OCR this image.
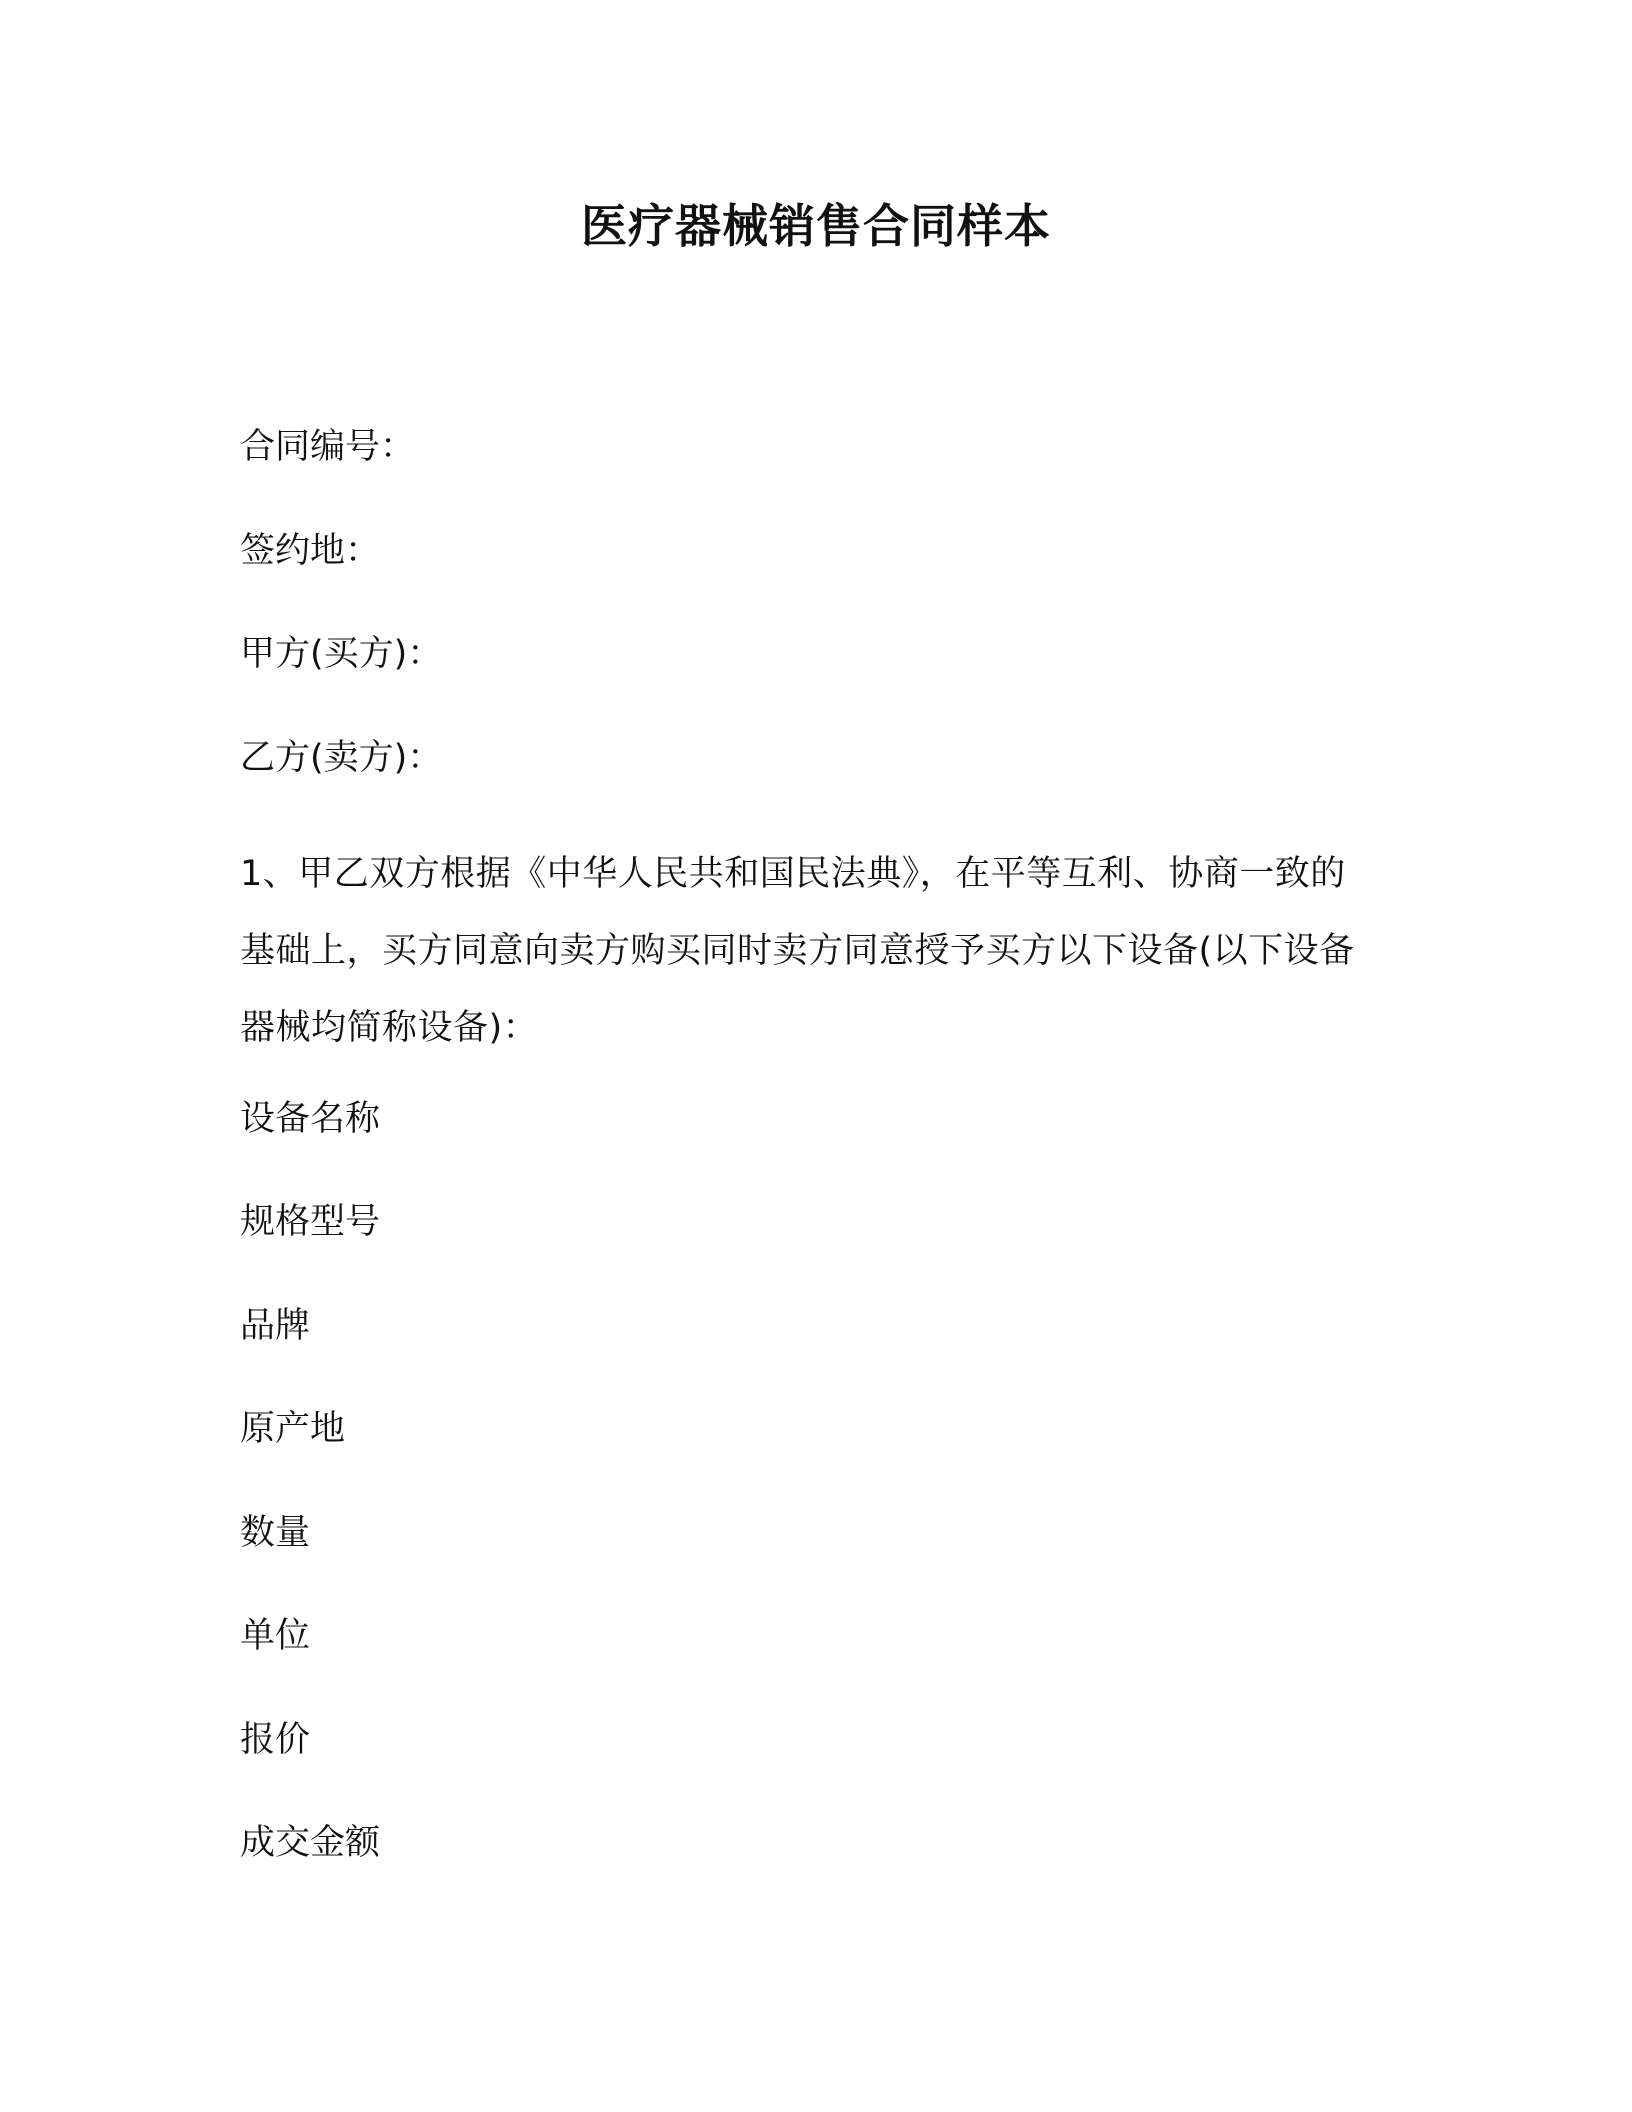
医疗器械销售合同样本
合同编号：
签约地：
甲方(买方)：
乙方(卖方)：
1、甲乙双方根据《中华人民共和国民法典》，在平等互利、协商一致的基础上，买方同意向卖方购买同时卖方同意授予买方以下设备(以下设备器械均简称设备)：
设备名称
规格型号
品牌
原产地
数量
单位
报价
成交金额
